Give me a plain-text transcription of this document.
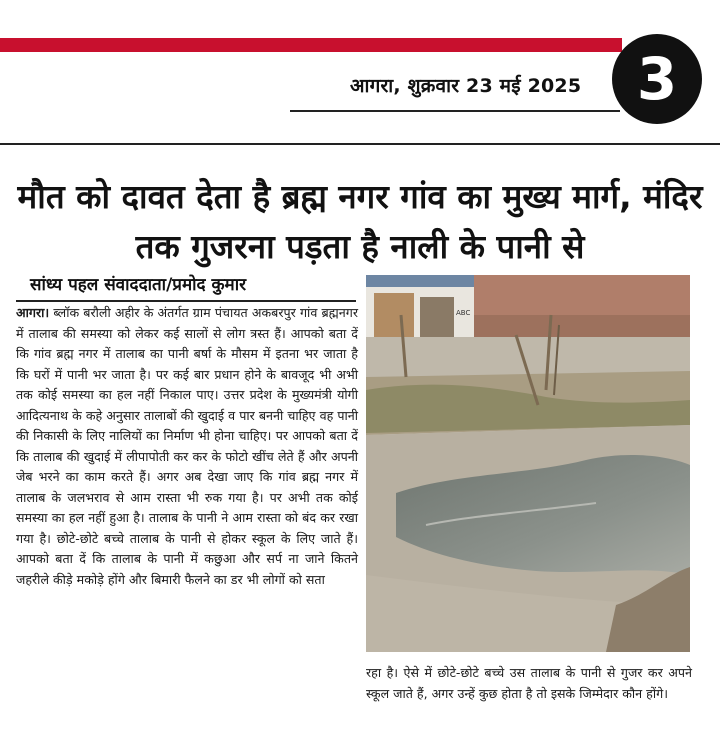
आगरा, शुक्रवार 23 मई 2025 3
मौत को दावत देता है ब्रह्म नगर गांव का मुख्य मार्ग, मंदिर तक गुजरना पड़ता है नाली के पानी से
सांध्य पहल संवाददाता/प्रमोद कुमार

आगरा। ब्लॉक बरौली अहीर के अंतर्गत ग्राम पंचायत अकबरपुर गांव ब्रह्मनगर में तालाब की समस्या को लेकर कई सालों से लोग त्रस्त हैं। आपको बता दें कि गांव ब्रह्म नगर में तालाब का पानी बर्षा के मौसम में इतना भर जाता है कि घरों में पानी भर जाता है। पर कई बार प्रधान होने के बावजूद भी अभी तक कोई समस्या का हल नहीं निकाल पाए। उत्तर प्रदेश के मुख्यमंत्री योगी आदित्यनाथ के कहे अनुसार तालाबों की खुदाई व पार बननी चाहिए वह पानी की निकासी के लिए नालियों का निर्माण भी होना चाहिए। पर आपको बता दें कि तालाब की खुदाई में लीपापोती कर कर के फोटो खींच लेते हैं और अपनी जेब भरने का काम करते हैं। अगर अब देखा जाए कि गांव ब्रह्म नगर में तालाब के जलभराव से आम रास्ता भी रुक गया है। पर अभी तक कोई समस्या का हल नहीं हुआ है। तालाब के पानी ने आम रास्ता को बंद कर रखा गया है। छोटे-छोटे बच्चे तालाब के पानी से होकर स्कूल के लिए जाते हैं। आपको बता दें कि तालाब के पानी में कछुआ और सर्प ना जाने कितने जहरीले कीड़े मकोड़े होंगे और बिमारी फैलने का डर भी लोगों को सता

ABC

रहा है। ऐसे में छोटे-छोटे बच्चे उस तालाब के पानी से गुजर कर अपने स्कूल जाते हैं, अगर उन्हें कुछ होता है तो इसके जिम्मेदार कौन होंगे।
